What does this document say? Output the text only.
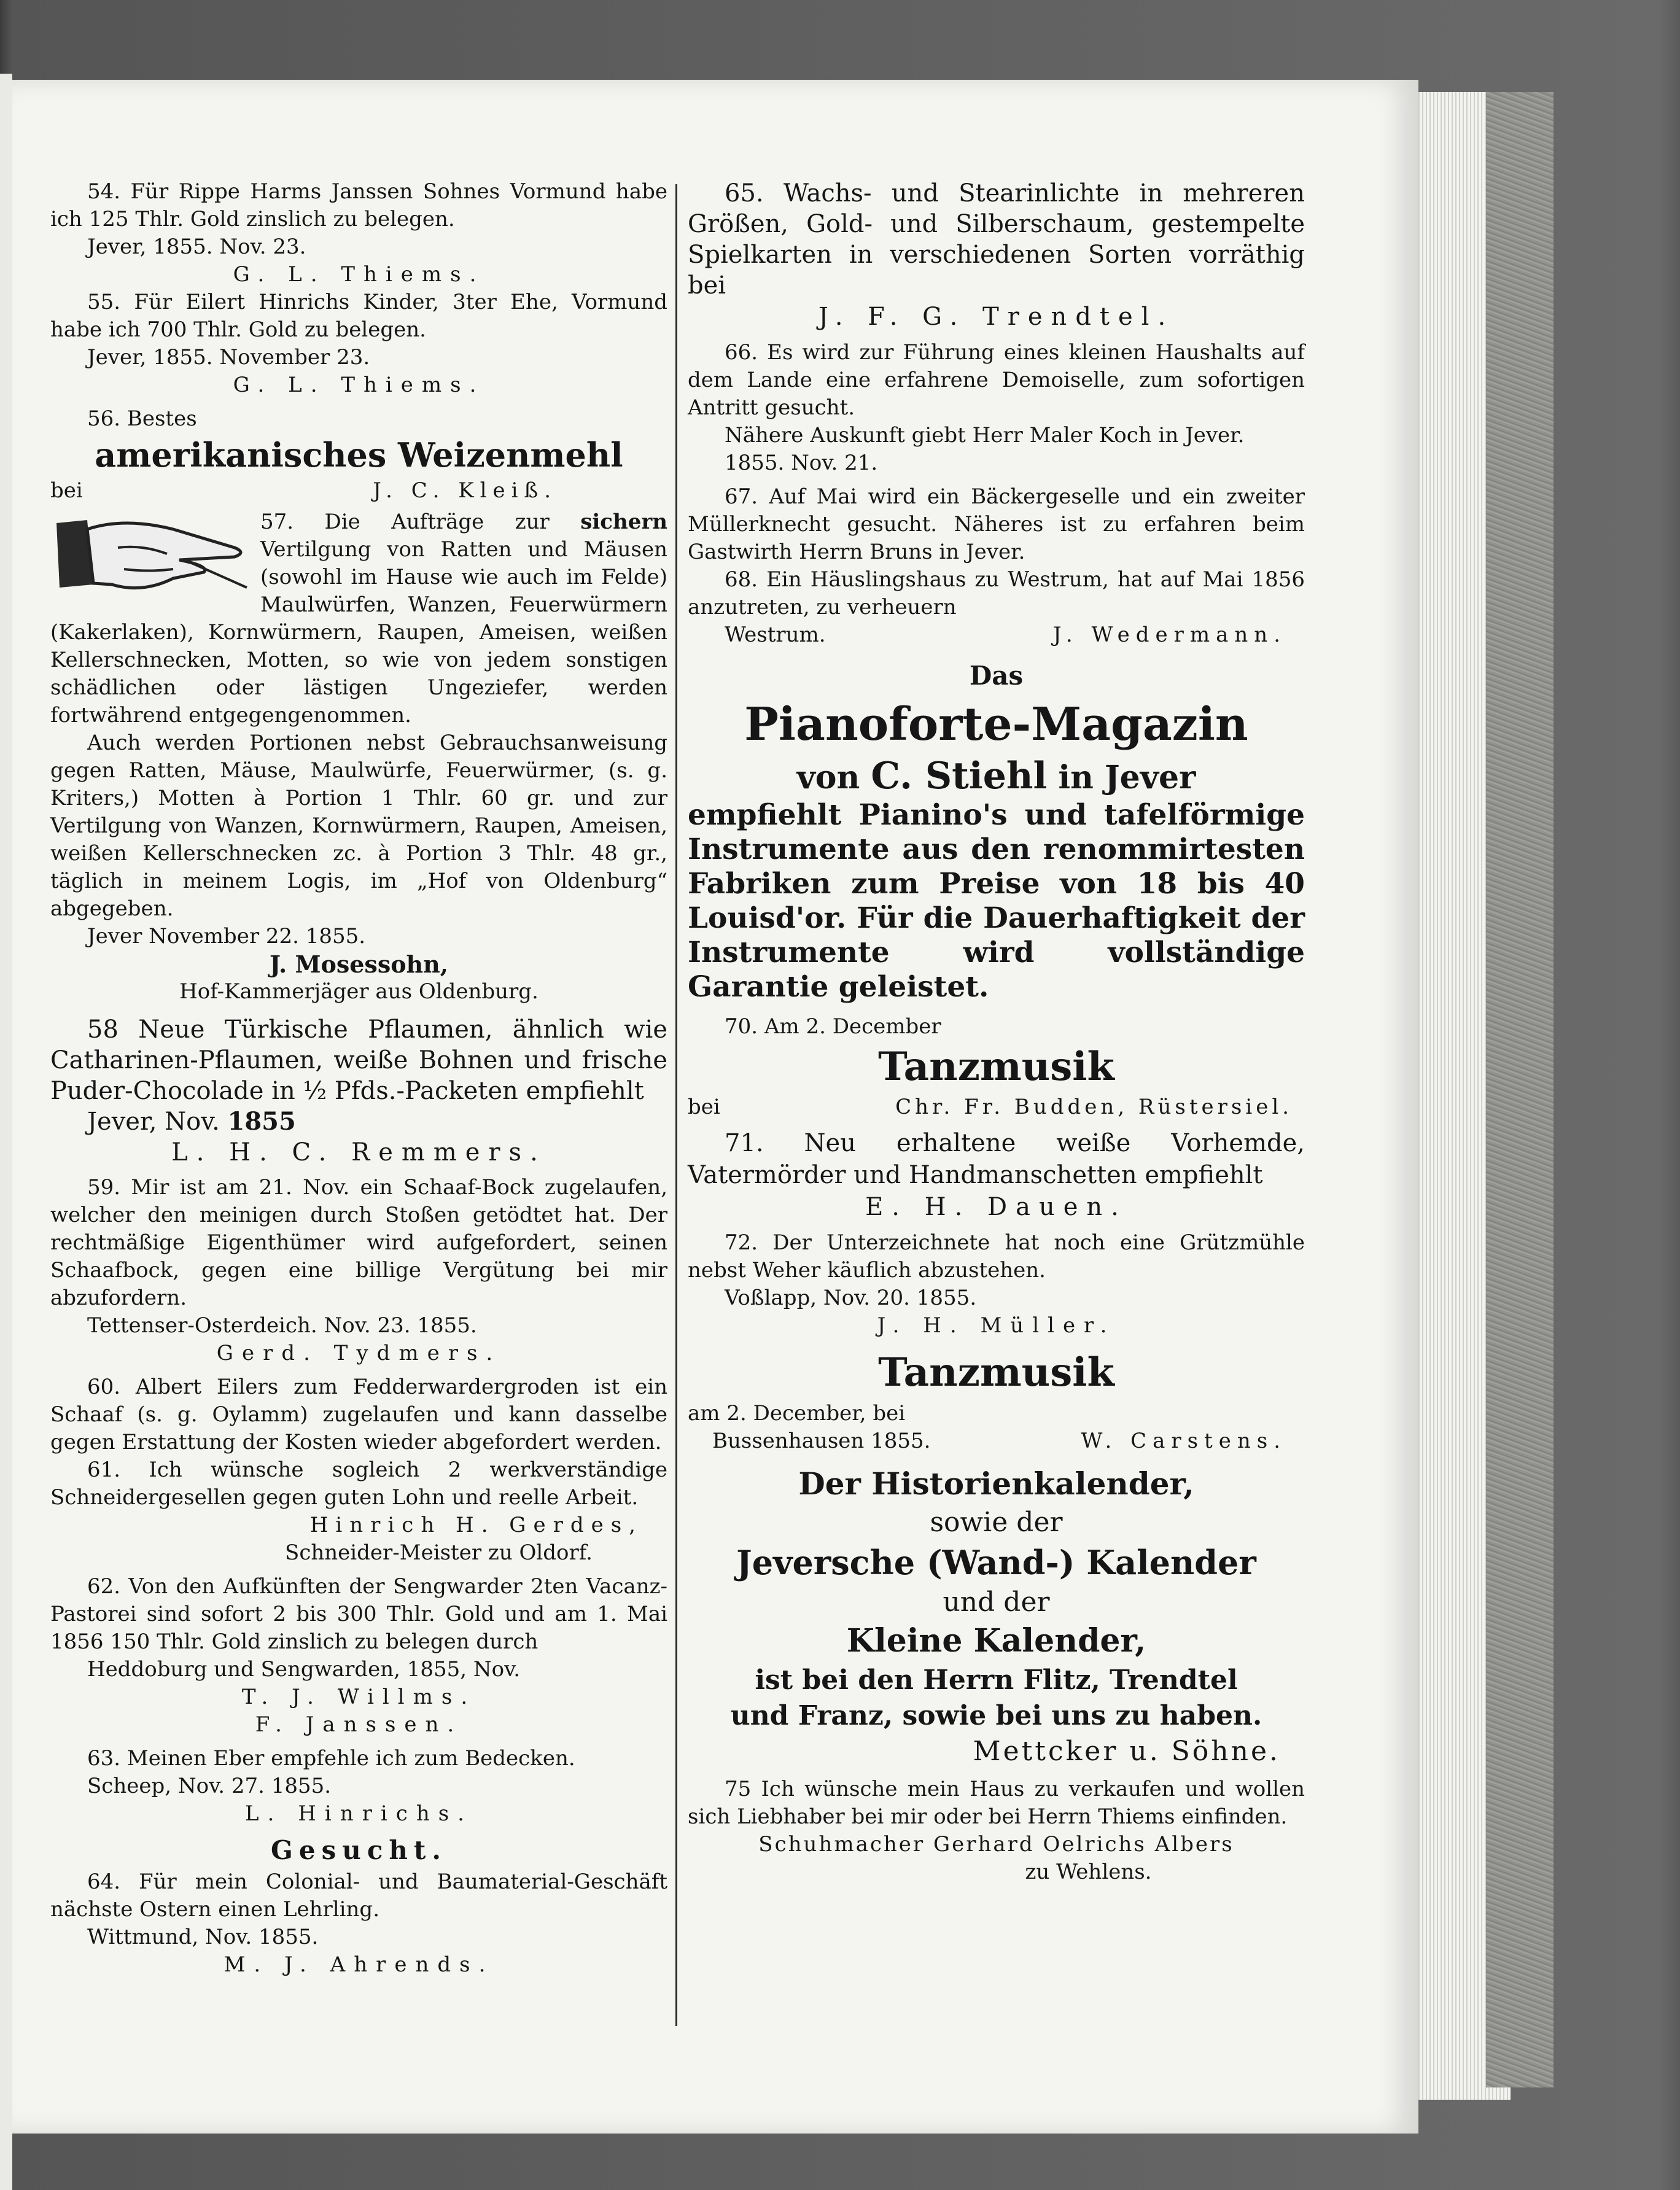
54. Für Rippe Harms Janssen Sohnes Vormund habe ich 125 Thlr. Gold zinslich zu belegen.

Jever, 1855. Nov. 23.

G. L. Thiems.

55. Für Eilert Hinrichs Kinder, 3ter Ehe, Vormund habe ich 700 Thlr. Gold zu belegen.

Jever, 1855. November 23.

G. L. Thiems.

56. Bestes

amerikanisches Weizenmehl

bei	J. C. Kleiß.

57. Die Aufträge zur sichern Vertilgung von Ratten und Mäusen (sowohl im Hause wie auch im Felde) Maulwürfen, Wanzen, Feuerwürmern (Kakerlaken), Kornwürmern, Raupen, Ameisen, weißen Kellerschnecken, Motten, so wie von jedem sonstigen schädlichen oder lästigen Ungeziefer, werden fortwährend entgegengenommen.

Auch werden Portionen nebst Gebrauchsanweisung gegen Ratten, Mäuse, Maulwürfe, Feuerwürmer, (s. g. Kriters,) Motten à Portion 1 Thlr. 60 gr. und zur Vertilgung von Wanzen, Kornwürmern, Raupen, Ameisen, weißen Kellerschnecken zc. à Portion 3 Thlr. 48 gr., täglich in meinem Logis, im „Hof von Oldenburg“ abgegeben.

Jever November 22. 1855.

J. Mosessohn,

Hof-Kammerjäger aus Oldenburg.

58 Neue Türkische Pflaumen, ähnlich wie Catharinen-Pflaumen, weiße Bohnen und frische Puder-Chocolade in ½ Pfds.-Packeten empfiehlt

Jever, Nov. 1855

L. H. C. Remmers.

59. Mir ist am 21. Nov. ein Schaaf-Bock zugelaufen, welcher den meinigen durch Stoßen getödtet hat. Der rechtmäßige Eigenthümer wird aufgefordert, seinen Schaafbock, gegen eine billige Vergütung bei mir abzufordern.

Tettenser-Osterdeich. Nov. 23. 1855.

Gerd. Tydmers.

60. Albert Eilers zum Fedderwardergroden ist ein Schaaf (s. g. Oylamm) zugelaufen und kann dasselbe gegen Erstattung der Kosten wieder abgefordert werden.

61. Ich wünsche sogleich 2 werkverständige Schneidergesellen gegen guten Lohn und reelle Arbeit.

Hinrich H. Gerdes,

Schneider-Meister zu Oldorf.

62. Von den Aufkünften der Sengwarder 2ten Vacanz-Pastorei sind sofort 2 bis 300 Thlr. Gold und am 1. Mai 1856 150 Thlr. Gold zinslich zu belegen durch

Heddoburg und Sengwarden, 1855, Nov.

T. J. Willms.

F. Janssen.

63. Meinen Eber empfehle ich zum Bedecken.

Scheep, Nov. 27. 1855.

L. Hinrichs.

Gesucht.

64. Für mein Colonial- und Baumaterial-Geschäft nächste Ostern einen Lehrling.

Wittmund, Nov. 1855.

M. J. Ahrends.

65. Wachs- und Stearinlichte in mehreren Größen, Gold- und Silberschaum, gestempelte Spielkarten in verschiedenen Sorten vorräthig bei

J. F. G. Trendtel.

66. Es wird zur Führung eines kleinen Haushalts auf dem Lande eine erfahrene Demoiselle, zum sofortigen Antritt gesucht.

Nähere Auskunft giebt Herr Maler Koch in Jever.

1855. Nov. 21.

67. Auf Mai wird ein Bäckergeselle und ein zweiter Müllerknecht gesucht. Näheres ist zu erfahren beim Gastwirth Herrn Bruns in Jever.

68. Ein Häuslingshaus zu Westrum, hat auf Mai 1856 anzutreten, zu verheuern

Westrum.	J. Wedermann.

Das

Pianoforte-Magazin

von C. Stiehl in Jever

empfiehlt Pianino's und tafelförmige Instrumente aus den renommirtesten Fabriken zum Preise von 18 bis 40 Louisd'or. Für die Dauerhaftigkeit der Instrumente wird vollständige Garantie geleistet.

70. Am 2. December

Tanzmusik

bei	Chr. Fr. Budden, Rüstersiel.

71. Neu erhaltene weiße Vorhemde, Vatermörder und Handmanschetten empfiehlt

E. H. Dauen.

72. Der Unterzeichnete hat noch eine Grützmühle nebst Weher käuflich abzustehen.

Voßlapp, Nov. 20. 1855.

J. H. Müller.

Tanzmusik

am 2. December, bei

Bussenhausen 1855.	W. Carstens.

Der Historienkalender,

sowie der

Jeversche (Wand-) Kalender

und der

Kleine Kalender,

ist bei den Herrn Flitz, Trendtel

und Franz, sowie bei uns zu haben.

Mettcker u. Söhne.

75 Ich wünsche mein Haus zu verkaufen und wollen sich Liebhaber bei mir oder bei Herrn Thiems einfinden.

Schuhmacher Gerhard Oelrichs Albers

zu Wehlens.
